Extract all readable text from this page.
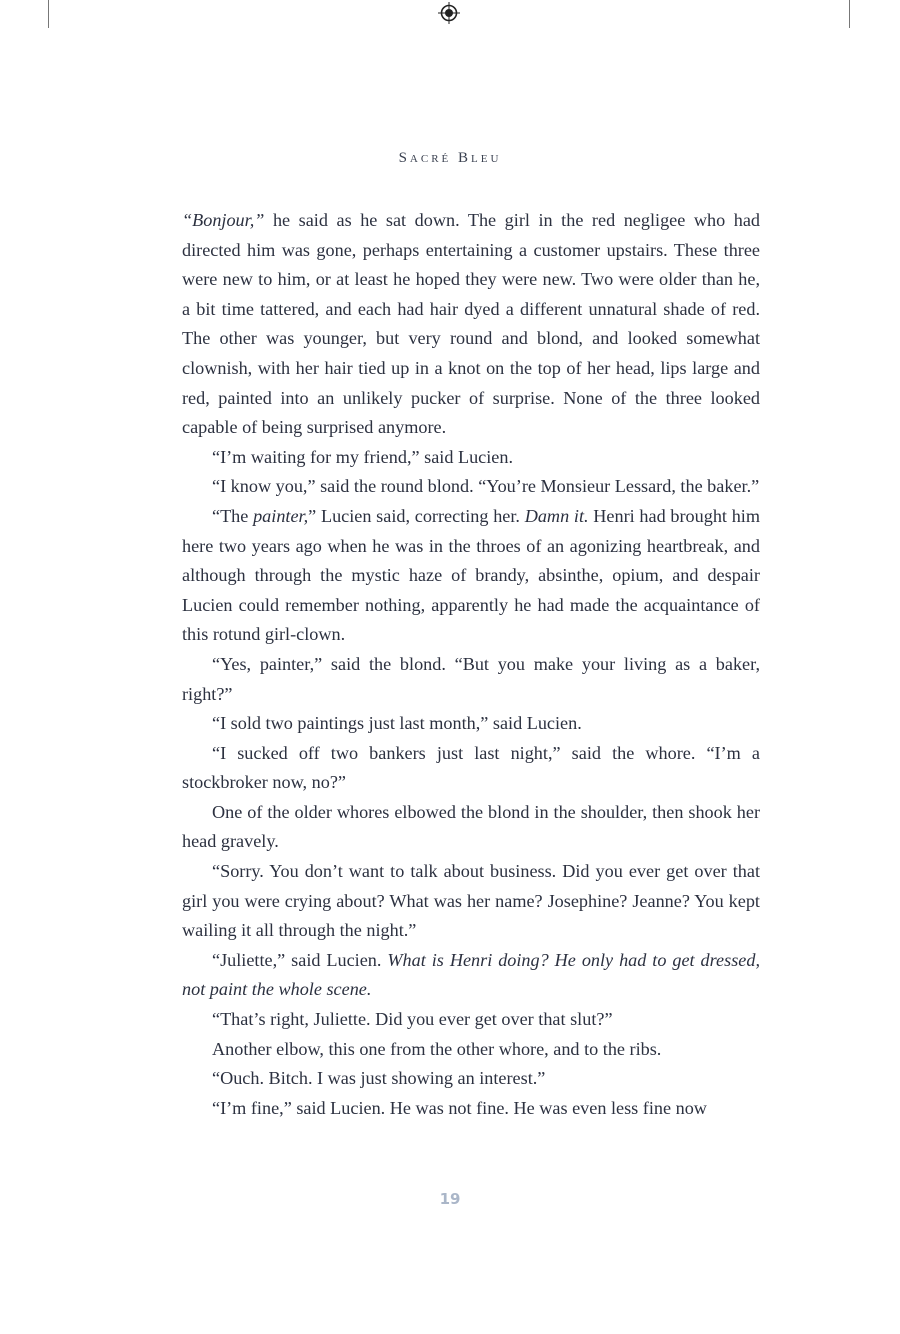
Sacré Bleu

“Bonjour,” he said as he sat down. The girl in the red negligee who had directed him was gone, perhaps entertaining a customer upstairs. These three were new to him, or at least he hoped they were new. Two were older than he, a bit time tattered, and each had hair dyed a different unnatural shade of red. The other was younger, but very round and blond, and looked somewhat clownish, with her hair tied up in a knot on the top of her head, lips large and red, painted into an unlikely pucker of surprise. None of the three looked capable of being surprised anymore.

“I’m waiting for my friend,” said Lucien.

“I know you,” said the round blond. “You’re Monsieur Lessard, the baker.”

“The painter,” Lucien said, correcting her. Damn it. Henri had brought him here two years ago when he was in the throes of an agonizing heartbreak, and although through the mystic haze of brandy, absinthe, opium, and despair Lucien could remember nothing, apparently he had made the acquaintance of this rotund girl-clown.

“Yes, painter,” said the blond. “But you make your living as a baker, right?”

“I sold two paintings just last month,” said Lucien.

“I sucked off two bankers just last night,” said the whore. “I’m a stockbroker now, no?”

One of the older whores elbowed the blond in the shoulder, then shook her head gravely.

“Sorry. You don’t want to talk about business. Did you ever get over that girl you were crying about? What was her name? Josephine? Jeanne? You kept wailing it all through the night.”

“Juliette,” said Lucien. What is Henri doing? He only had to get dressed, not paint the whole scene.

“That’s right, Juliette. Did you ever get over that slut?”

Another elbow, this one from the other whore, and to the ribs.

“Ouch. Bitch. I was just showing an interest.”

“I’m fine,” said Lucien. He was not fine. He was even less fine now

19
